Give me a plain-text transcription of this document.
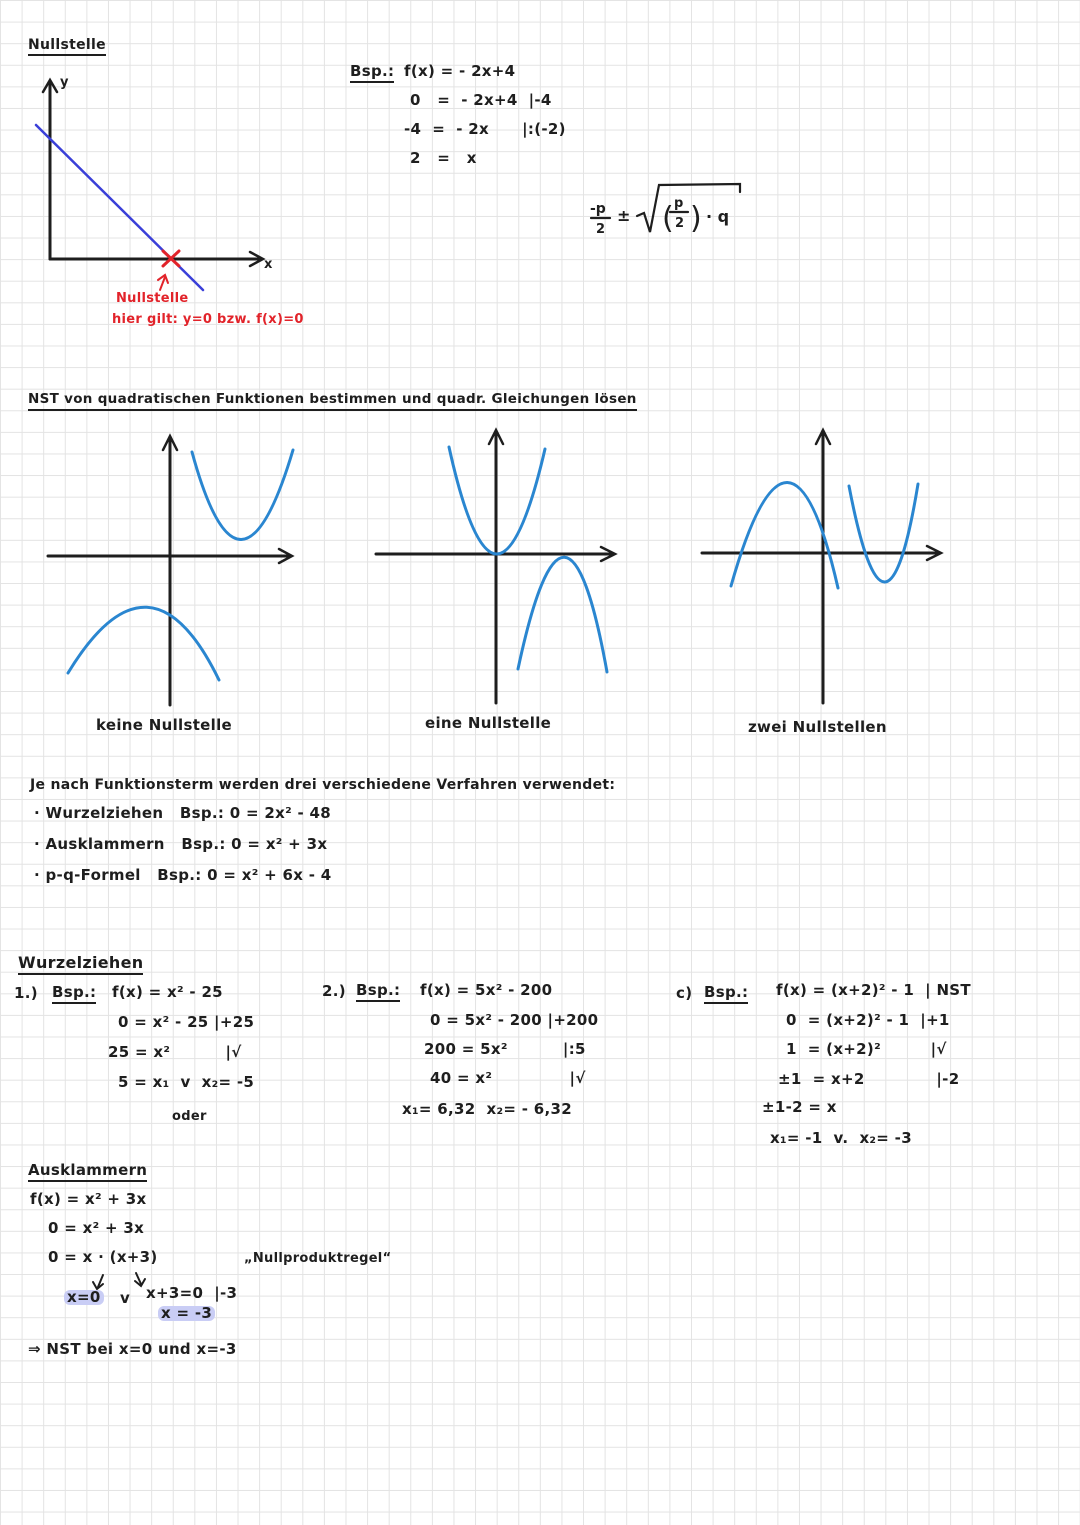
-p
2
± ( p
2 ) · q
Nullstelle
y
x
Nullstelle
hier gilt: y=0 bzw. f(x)=0
Bsp.: f(x) = - 2x+4
0   =  - 2x+4  |-4
-4  =  - 2x      |:(-2)
2   =   x
NST von quadratischen Funktionen bestimmen und quadr. Gleichungen lösen
keine Nullstelle	eine Nullstelle	zwei Nullstellen
Je nach Funktionsterm werden drei verschiedene Verfahren verwendet:
· Wurzelziehen   Bsp.: 0 = 2x² - 48
· Ausklammern   Bsp.: 0 = x² + 3x
· p-q-Formel   Bsp.: 0 = x² + 6x - 4
Wurzelziehen
1.) Bsp.: f(x) = x² - 25
0 = x² - 25 |+25
25 = x²          |√
5 = x₁  v  x₂= -5
oder
2.) Bsp.: f(x) = 5x² - 200
0 = 5x² - 200 |+200
200 = 5x²          |:5
40 = x²              |√
x₁= 6,32  x₂= - 6,32
c) Bsp.: f(x) = (x+2)² - 1  | NST
0  = (x+2)² - 1  |+1
1  = (x+2)²         |√
±1  = x+2             |-2
±1-2 = x
x₁= -1  v.  x₂= -3
Ausklammern
f(x) = x² + 3x
0 = x² + 3x
0 = x · (x+3)	„Nullproduktregel“
x=0 v x+3=0  |-3
x = -3
⇒ NST bei x=0 und x=-3
